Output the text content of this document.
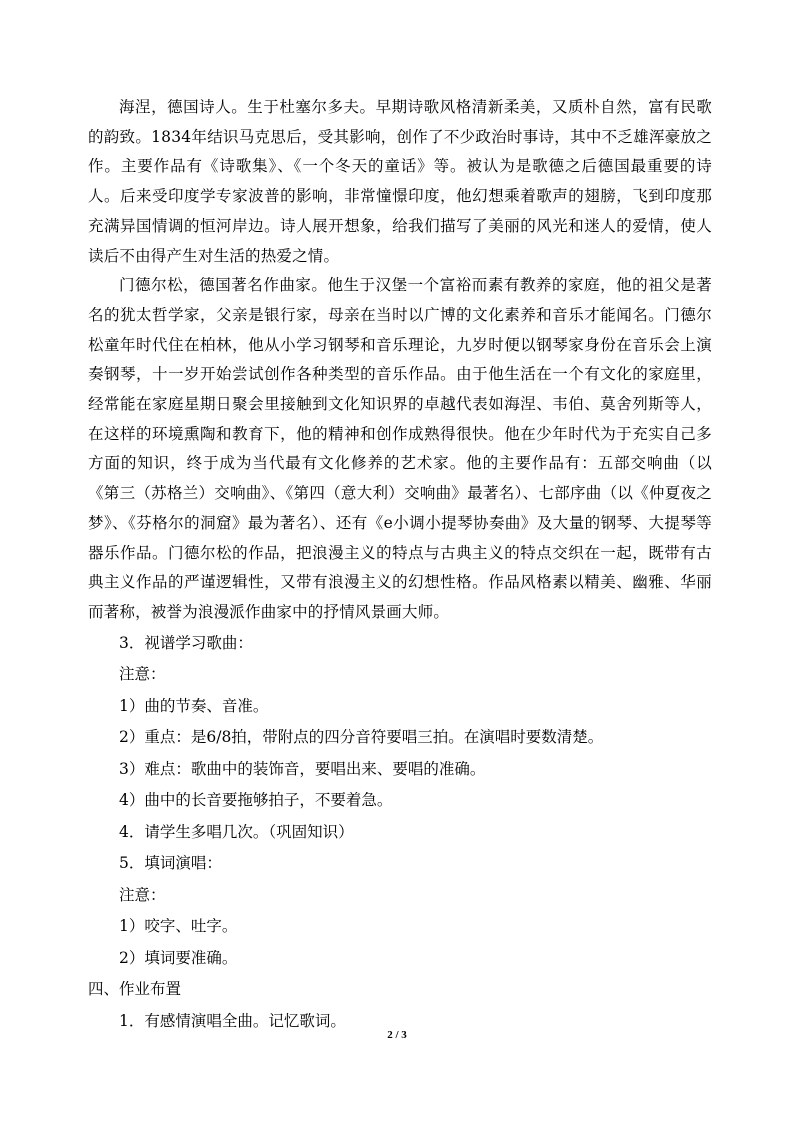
海涅，德国诗人。生于杜塞尔多夫。早期诗歌风格清新柔美，又质朴自然，富有民歌的韵致。1834年结识马克思后，受其影响，创作了不少政治时事诗，其中不乏雄浑豪放之作。主要作品有《诗歌集》、《一个冬天的童话》等。被认为是歌德之后德国最重要的诗人。后来受印度学专家波普的影响，非常憧憬印度，他幻想乘着歌声的翅膀，飞到印度那充满异国情调的恒河岸边。诗人展开想象，给我们描写了美丽的风光和迷人的爱情，使人读后不由得产生对生活的热爱之情。

门德尔松，德国著名作曲家。他生于汉堡一个富裕而素有教养的家庭，他的祖父是著名的犹太哲学家，父亲是银行家，母亲在当时以广博的文化素养和音乐才能闻名。门德尔松童年时代住在柏林，他从小学习钢琴和音乐理论，九岁时便以钢琴家身份在音乐会上演奏钢琴，十一岁开始尝试创作各种类型的音乐作品。由于他生活在一个有文化的家庭里，经常能在家庭星期日聚会里接触到文化知识界的卓越代表如海涅、韦伯、莫舍列斯等人，在这样的环境熏陶和教育下，他的精神和创作成熟得很快。他在少年时代为于充实自己多方面的知识，终于成为当代最有文化修养的艺术家。他的主要作品有：五部交响曲（以《第三（苏格兰）交响曲》、《第四（意大利）交响曲》最著名）、七部序曲（以《仲夏夜之梦》、《芬格尔的洞窟》最为著名）、还有《e小调小提琴协奏曲》及大量的钢琴、大提琴等器乐作品。门德尔松的作品，把浪漫主义的特点与古典主义的特点交织在一起，既带有古典主义作品的严谨逻辑性，又带有浪漫主义的幻想性格。作品风格素以精美、幽雅、华丽而著称，被誉为浪漫派作曲家中的抒情风景画大师。

3．视谱学习歌曲：

注意：

1）曲的节奏、音准。

2）重点：是6/8拍，带附点的四分音符要唱三拍。在演唱时要数清楚。

3）难点：歌曲中的装饰音，要唱出来、要唱的准确。

4）曲中的长音要拖够拍子，不要着急。

4．请学生多唱几次。（巩固知识）

5．填词演唱：

注意：

1）咬字、吐字。

2）填词要准确。

四、作业布置

1．有感情演唱全曲。记忆歌词。

2 / 3
